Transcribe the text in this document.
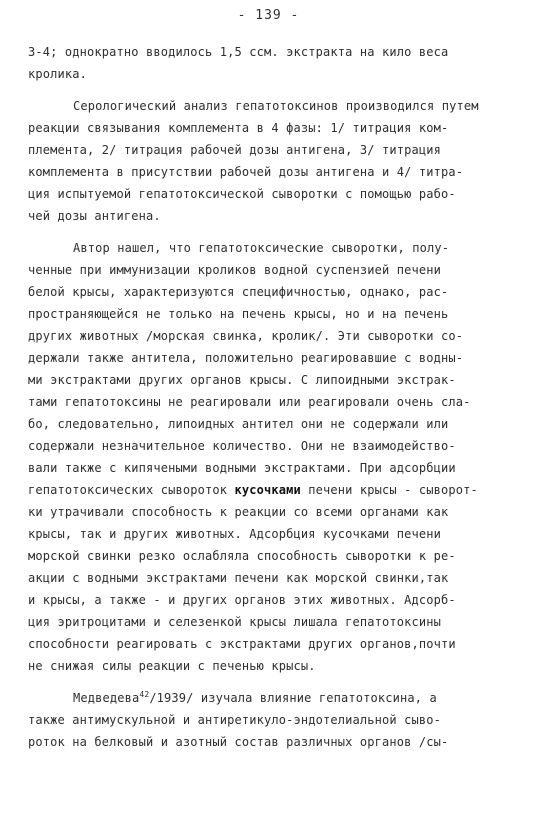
- 139 -
3-4; однократно вводилось 1,5 ссм. экстракта на кило веса
кролика.
Серологический анализ гепатотоксинов производился путем
реакции связывания комплемента в 4 фазы: 1/ титрация ком-
племента, 2/ титрация рабочей дозы антигена, 3/ титрация
комплемента в присутствии рабочей дозы антигена и 4/ титра-
ция испытуемой гепатотоксической сыворотки с помощью рабо-
чей дозы антигена.
Автор нашел, что гепатотоксические сыворотки, полу-
ченные при иммунизации кроликов водной суспензией печени
белой крысы, характеризуются специфичностью, однако, рас-
пространяющейся не только на печень крысы, но и на печень
других животных /морская свинка, кролик/. Эти сыворотки со-
держали также антитела, положительно реагировавшие с водны-
ми экстрактами других органов крысы. С липоидными экстрак-
тами гепатотоксины не реагировали или реагировали очень сла-
бо, следовательно, липоидных антител они не содержали или
содержали незначительное количество. Они не взаимодейство-
вали также с кипячеными водными экстрактами. При адсорбции
гепатотоксических сывороток кусочками печени крысы - сыворот-
ки утрачивали способность к реакции со всеми органами как
крысы, так и других животных. Адсорбция кусочками печени
морской свинки резко ослабляла способность сыворотки к ре-
акции с водными экстрактами печени как морской свинки,так
и крысы, а также - и других органов этих животных. Адсорб-
ция эритроцитами и селезенкой крысы лишала гепатотоксины
способности реагировать с экстрактами других органов,почти
не снижая силы реакции с печенью крысы.
Медведева$^{42}$/1939/ изучала влияние гепатотоксина, а
также антимускульной и антиретикуло-эндотелиальной сыво-
роток на белковый и азотный состав различных органов /сы-
